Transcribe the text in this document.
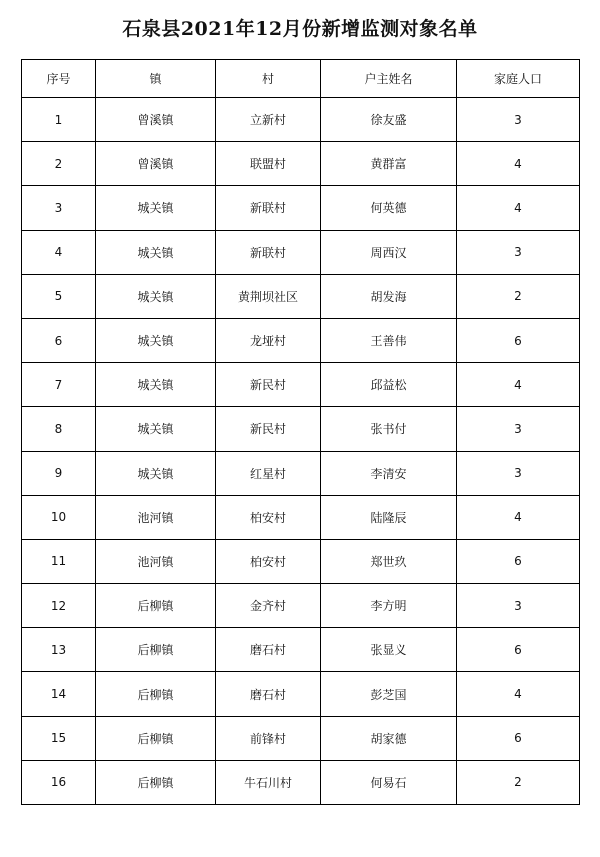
石泉县2021年12月份新增监测对象名单
序号	镇	村	户主姓名	家庭人口
1	曾溪镇	立新村	徐友盛	3
2	曾溪镇	联盟村	黄群富	4
3	城关镇	新联村	何英德	4
4	城关镇	新联村	周西汉	3
5	城关镇	黄荆坝社区	胡发海	2
6	城关镇	龙垭村	王善伟	6
7	城关镇	新民村	邱益松	4
8	城关镇	新民村	张书付	3
9	城关镇	红星村	李清安	3
10	池河镇	柏安村	陆隆辰	4
11	池河镇	柏安村	郑世玖	6
12	后柳镇	金齐村	李方明	3
13	后柳镇	磨石村	张显义	6
14	后柳镇	磨石村	彭芝国	4
15	后柳镇	前锋村	胡家德	6
16	后柳镇	牛石川村	何易石	2
